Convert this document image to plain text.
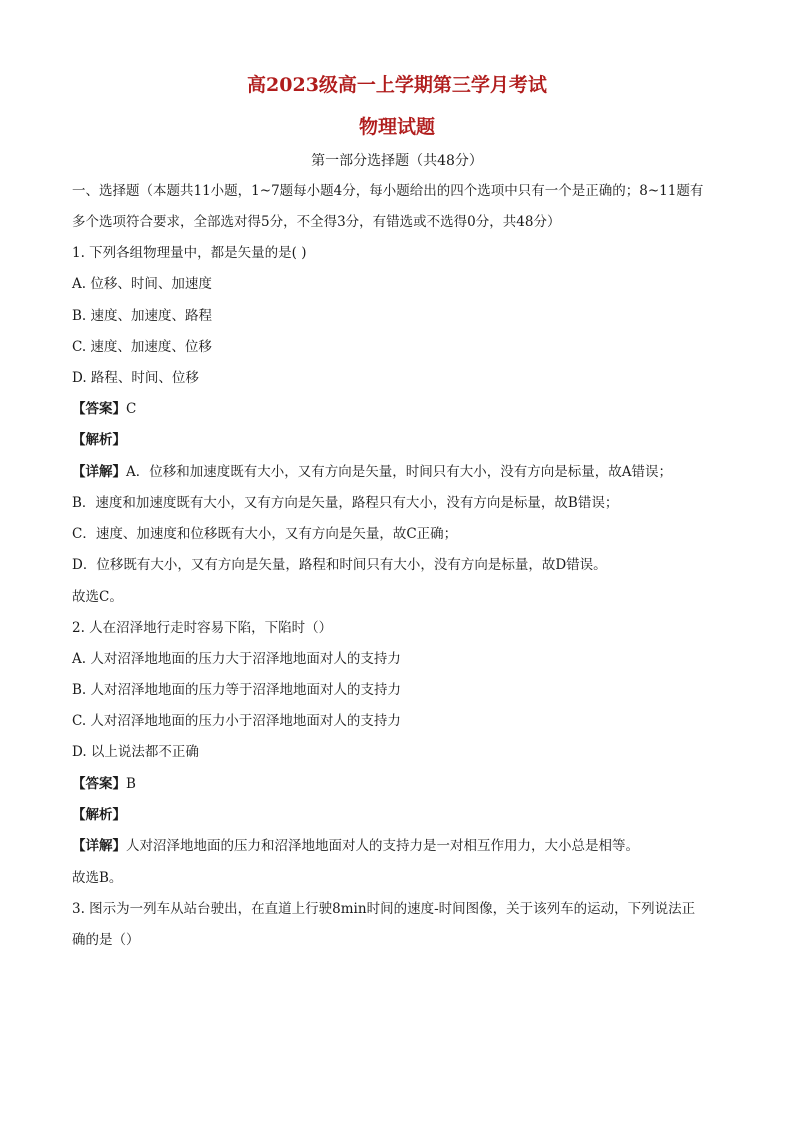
高2023级高一上学期第三学月考试
物理试题
第一部分选择题（共48分）
一、选择题（本题共11小题，1~7题每小题4分，每小题给出的四个选项中只有一个是正确的；8~11题有
多个选项符合要求，全部选对得5分，不全得3分，有错选或不选得0分，共48分）
1. 下列各组物理量中，都是矢量的是( )
A. 位移、时间、加速度
B. 速度、加速度、路程
C. 速度、加速度、位移
D. 路程、时间、位移
【答案】C
【解析】
【详解】A．位移和加速度既有大小，又有方向是矢量，时间只有大小，没有方向是标量，故A错误；
B．速度和加速度既有大小，又有方向是矢量，路程只有大小，没有方向是标量，故B错误；
C．速度、加速度和位移既有大小，又有方向是矢量，故C正确；
D．位移既有大小，又有方向是矢量，路程和时间只有大小，没有方向是标量，故D错误。
故选C。
2. 人在沼泽地行走时容易下陷，下陷时（）
A. 人对沼泽地地面的压力大于沼泽地地面对人的支持力
B. 人对沼泽地地面的压力等于沼泽地地面对人的支持力
C. 人对沼泽地地面的压力小于沼泽地地面对人的支持力
D. 以上说法都不正确
【答案】B
【解析】
【详解】人对沼泽地地面的压力和沼泽地地面对人的支持力是一对相互作用力，大小总是相等。
故选B。
3. 图示为一列车从站台驶出，在直道上行驶8min时间的速度-时间图像，关于该列车的运动，下列说法正
确的是（）
